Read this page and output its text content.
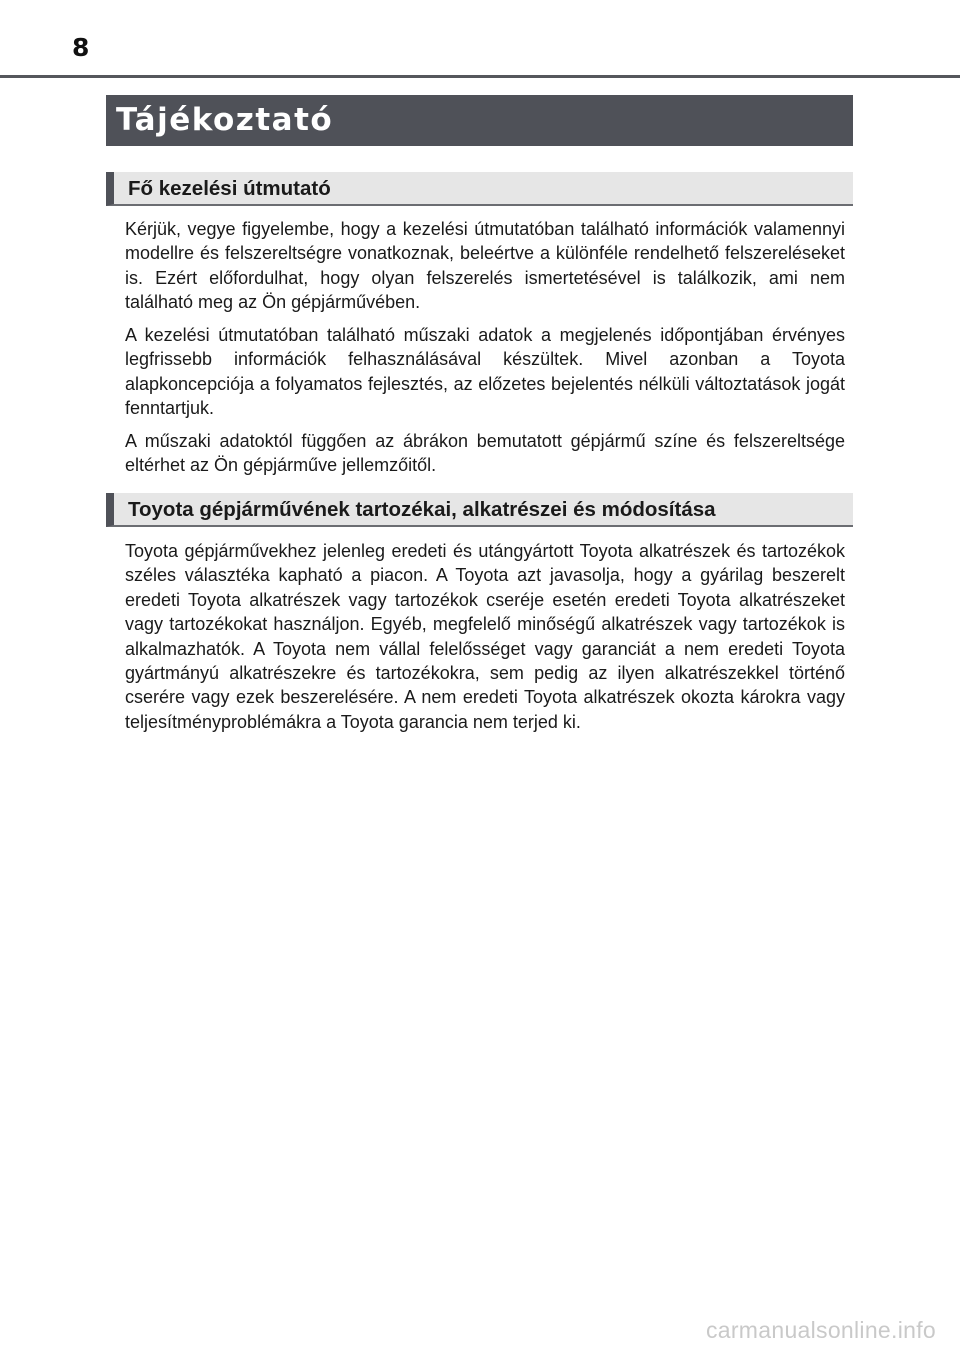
8
Tájékoztató
Fő kezelési útmutató

Kérjük, vegye figyelembe, hogy a kezelési útmutatóban található információk valamennyi modellre és felszereltségre vonatkoznak, beleértve a különféle rendelhető felszereléseket is. Ezért előfordulhat, hogy olyan felszerelés ismertetésével is találkozik, ami nem található meg az Ön gépjárművében.

A kezelési útmutatóban található műszaki adatok a megjelenés időpontjában érvényes legfrissebb információk felhasználásával készültek. Mivel azonban a Toyota alapkoncepciója a folyamatos fejlesztés, az előzetes bejelentés nélküli változtatások jogát fenntartjuk.

A műszaki adatoktól függően az ábrákon bemutatott gépjármű színe és felszereltsége eltérhet az Ön gépjárműve jellemzőitől.

Toyota gépjárművének tartozékai, alkatrészei és módosítása

Toyota gépjárművekhez jelenleg eredeti és utángyártott Toyota alkatrészek és tartozékok széles választéka kapható a piacon. A Toyota azt javasolja, hogy a gyárilag beszerelt eredeti Toyota alkatrészek vagy tartozékok cseréje esetén eredeti Toyota alkatrészeket vagy tartozékokat használjon. Egyéb, megfelelő minőségű alkatrészek vagy tartozékok is alkalmazhatók. A Toyota nem vállal felelősséget vagy garanciát a nem eredeti Toyota gyártmányú alkatrészekre és tartozékokra, sem pedig az ilyen alkatrészekkel történő cserére vagy ezek beszerelésére. A nem eredeti Toyota alkatrészek okozta károkra vagy teljesítményproblémákra a Toyota garancia nem terjed ki.

carmanualsonline.info
